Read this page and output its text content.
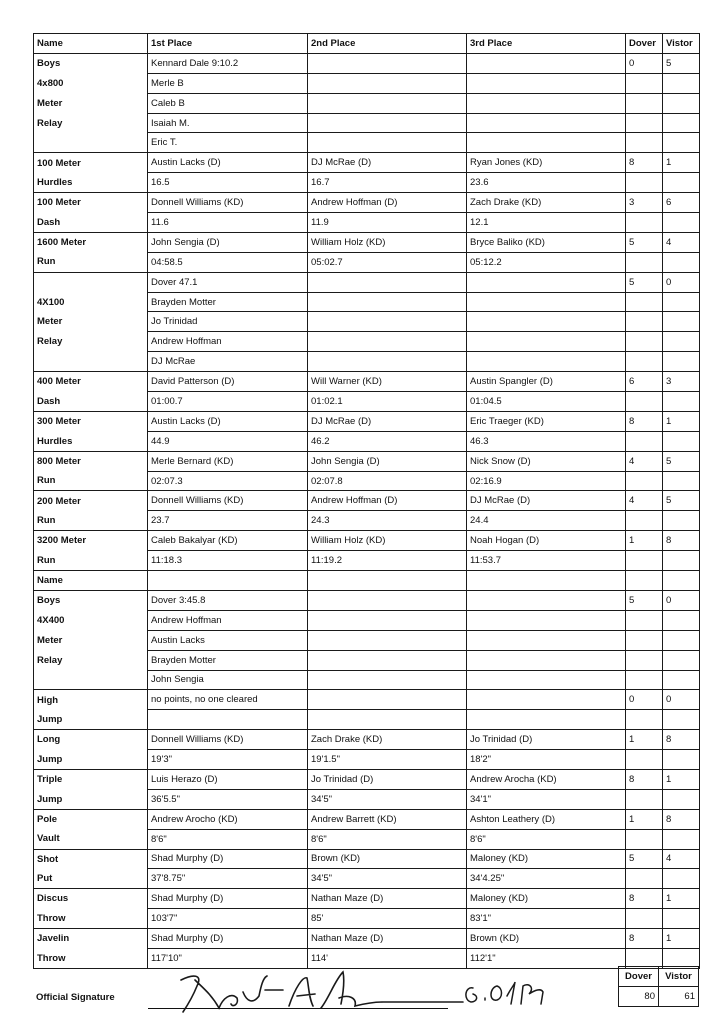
Name	1st Place	2nd Place	3rd Place	Dover	Vistor
Boys	Kennard Dale 9:10.2			0	5
4x800	Merle B				
Meter	Caleb B				
Relay	Isaiah M.				
	Eric T.				
100 Meter	Austin Lacks (D)	DJ McRae (D)	Ryan Jones (KD)	8	1
Hurdles	16.5	16.7	23.6		
100 Meter	Donnell Williams (KD)	Andrew Hoffman (D)	Zach Drake (KD)	3	6
Dash	11.6	11.9	12.1		
1600 Meter	John Sengia (D)	William Holz (KD)	Bryce Baliko (KD)	5	4
Run	04:58.5	05:02.7	05:12.2		
	Dover 47.1			5	0
4X100	Brayden Motter				
Meter	Jo Trinidad				
Relay	Andrew Hoffman				
	DJ McRae				
400 Meter	David Patterson (D)	Will Warner (KD)	Austin Spangler (D)	6	3
Dash	01:00.7	01:02.1	01:04.5		
300 Meter	Austin Lacks (D)	DJ McRae (D)	Eric Traeger (KD)	8	1
Hurdles	44.9	46.2	46.3		
800 Meter	Merle Bernard (KD)	John Sengia (D)	Nick Snow (D)	4	5
Run	02:07.3	02:07.8	02:16.9		
200 Meter	Donnell Williams (KD)	Andrew Hoffman (D)	DJ McRae (D)	4	5
Run	23.7	24.3	24.4		
3200 Meter	Caleb Bakalyar (KD)	William Holz (KD)	Noah Hogan (D)	1	8
Run	11:18.3	11:19.2	11:53.7		
Name					
Boys	Dover 3:45.8			5	0
4X400	Andrew Hoffman				
Meter	Austin Lacks				
Relay	Brayden Motter				
	John Sengia				
High	no points, no one cleared			0	0
Jump					
Long	Donnell Williams (KD)	Zach Drake (KD)	Jo Trinidad (D)	1	8
Jump	19'3"	19'1.5"	18'2"		
Triple	Luis Herazo (D)	Jo Trinidad (D)	Andrew Arocha (KD)	8	1
Jump	36'5.5"	34'5"	34'1"		
Pole	Andrew Arocho (KD)	Andrew Barrett (KD)	Ashton Leathery (D)	1	8
Vault	8'6"	8'6"	8'6"		
Shot	Shad Murphy (D)	Brown (KD)	Maloney (KD)	5	4
Put	37'8.75"	34'5"	34'4.25"		
Discus	Shad Murphy (D)	Nathan Maze (D)	Maloney (KD)	8	1
Throw	103'7"	85'	83'1"		
Javelin	Shad Murphy (D)	Nathan Maze (D)	Brown (KD)	8	1
Throw	117'10"	114'	112'1"		
Official Signature
Dover	Vistor
80	61
